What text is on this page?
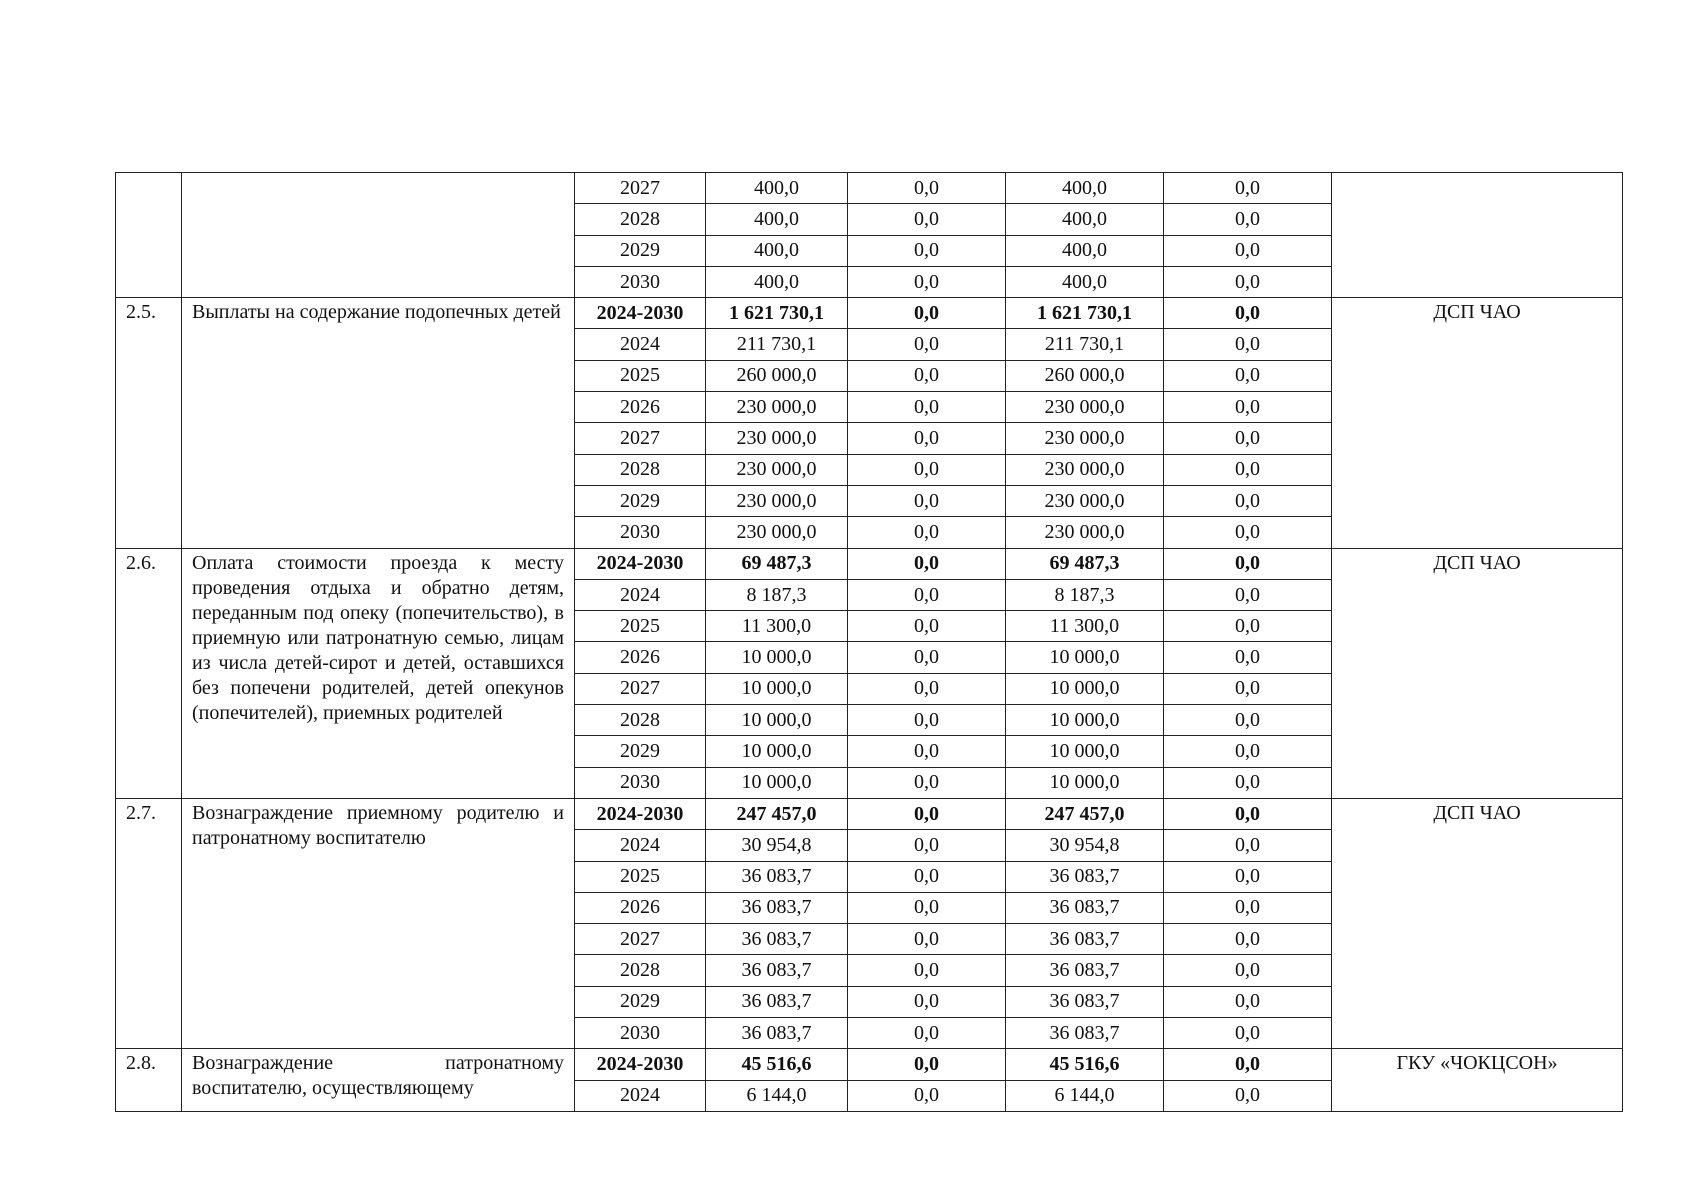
		2027	400,0	0,0	400,0	0,0	
		2028	400,0	0,0	400,0	0,0	
		2029	400,0	0,0	400,0	0,0	
		2030	400,0	0,0	400,0	0,0	
2.5.	Выплаты на содержание подопечных детей	2024-2030	1 621 730,1	0,0	1 621 730,1	0,0	ДСП ЧАО
		2024	211 730,1	0,0	211 730,1	0,0	
		2025	260 000,0	0,0	260 000,0	0,0	
		2026	230 000,0	0,0	230 000,0	0,0	
		2027	230 000,0	0,0	230 000,0	0,0	
		2028	230 000,0	0,0	230 000,0	0,0	
		2029	230 000,0	0,0	230 000,0	0,0	
		2030	230 000,0	0,0	230 000,0	0,0	
2.6.	Оплата стоимости проезда к месту проведения отдыха и обратно детям, переданным под опеку (попечительство), в приемную или патронатную семью, лицам из числа детей-сирот и детей, оставшихся без попечени родителей, детей опекунов (попечителей), приемных родителей	2024-2030	69 487,3	0,0	69 487,3	0,0	ДСП ЧАО
		2024	8 187,3	0,0	8 187,3	0,0	
		2025	11 300,0	0,0	11 300,0	0,0	
		2026	10 000,0	0,0	10 000,0	0,0	
		2027	10 000,0	0,0	10 000,0	0,0	
		2028	10 000,0	0,0	10 000,0	0,0	
		2029	10 000,0	0,0	10 000,0	0,0	
		2030	10 000,0	0,0	10 000,0	0,0	
2.7.	Вознаграждение приемному родителю и патронатному воспитателю	2024-2030	247 457,0	0,0	247 457,0	0,0	ДСП ЧАО
		2024	30 954,8	0,0	30 954,8	0,0	
		2025	36 083,7	0,0	36 083,7	0,0	
		2026	36 083,7	0,0	36 083,7	0,0	
		2027	36 083,7	0,0	36 083,7	0,0	
		2028	36 083,7	0,0	36 083,7	0,0	
		2029	36 083,7	0,0	36 083,7	0,0	
		2030	36 083,7	0,0	36 083,7	0,0	
2.8.	Вознаграждение патронатному воспитателю, осуществляющему	2024-2030	45 516,6	0,0	45 516,6	0,0	ГКУ «ЧОКЦСОН»
		2024	6 144,0	0,0	6 144,0	0,0	
